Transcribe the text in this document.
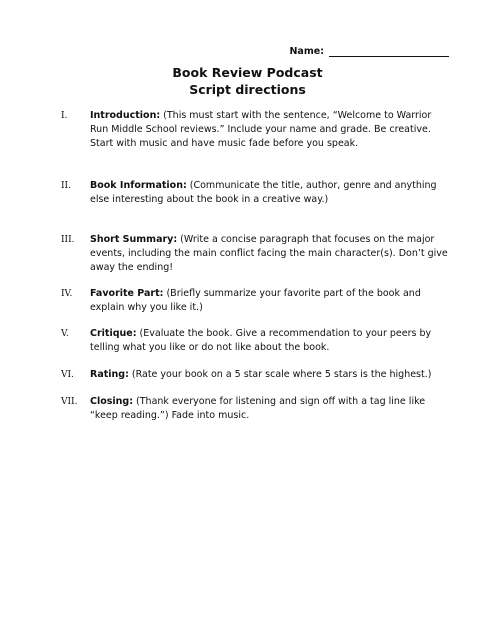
Name:
Book Review Podcast
Script directions
I. Introduction: (This must start with the sentence, “Welcome to Warrior Run Middle School reviews.” Include your name and grade. Be creative. Start with music and have music fade before you speak.
II. Book Information: (Communicate the title, author, genre and anything else interesting about the book in a creative way.)
III. Short Summary: (Write a concise paragraph that focuses on the major events, including the main conflict facing the main character(s). Don’t give away the ending!
IV. Favorite Part: (Briefly summarize your favorite part of the book and explain why you like it.)
V. Critique: (Evaluate the book. Give a recommendation to your peers by telling what you like or do not like about the book.
VI. Rating: (Rate your book on a 5 star scale where 5 stars is the highest.)
VII. Closing: (Thank everyone for listening and sign off with a tag line like “keep reading.”) Fade into music.
